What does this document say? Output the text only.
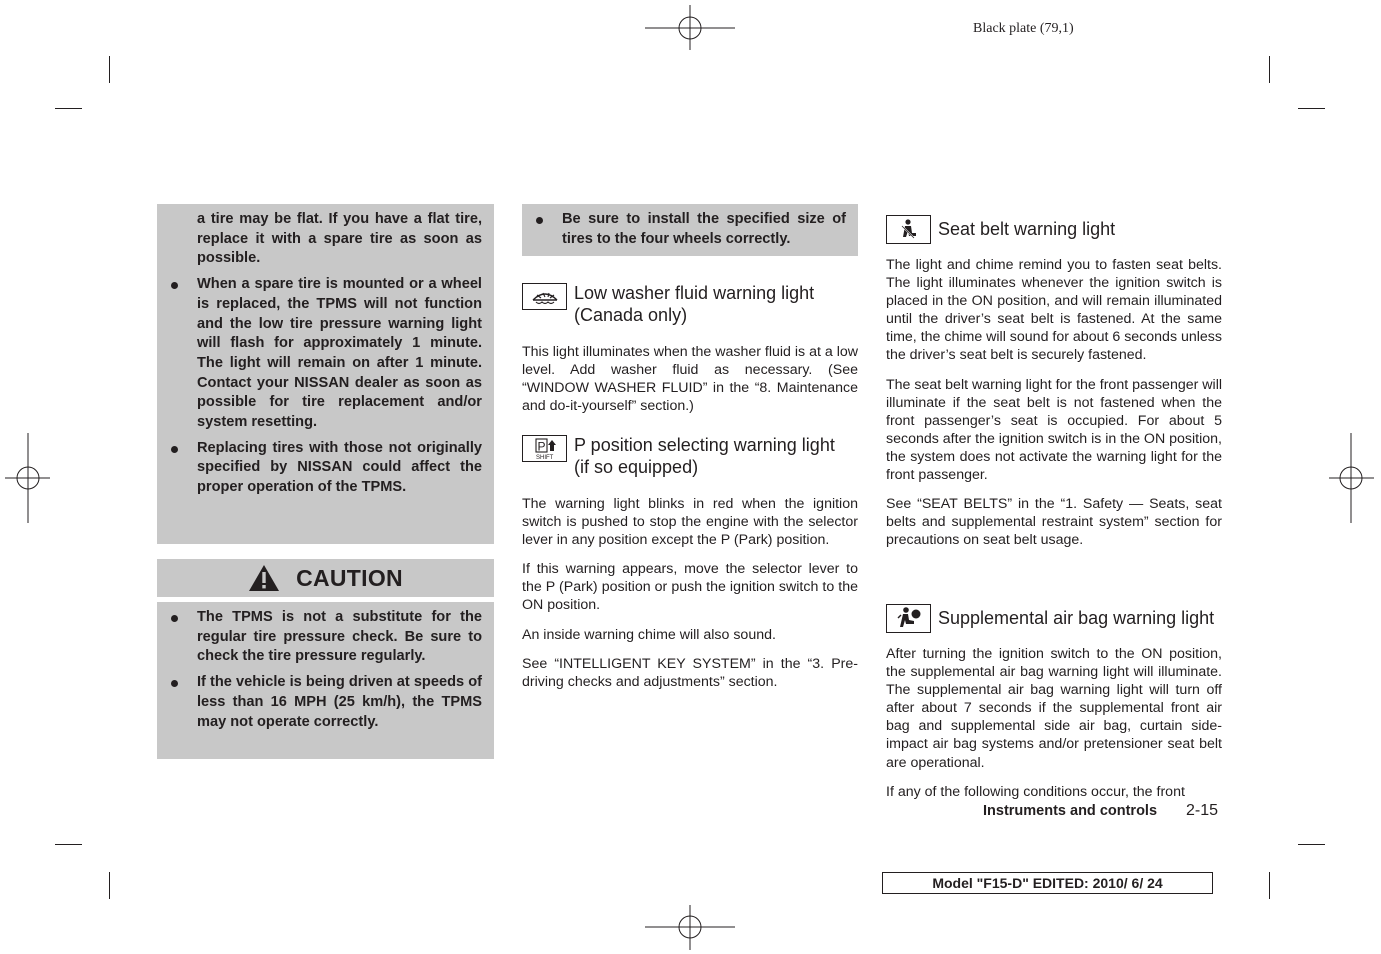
Black plate (79,1)
a tire may be flat. If you have a flat tire, replace it with a spare tire as soon as possible.
When a spare tire is mounted or a wheel is replaced, the TPMS will not function and the low tire pressure warning light will flash for approximately 1 minute. The light will remain on after 1 minute. Contact your NISSAN dealer as soon as possible for tire replacement and/or system resetting.
Replacing tires with those not originally specified by NISSAN could affect the proper operation of the TPMS.
CAUTION
The TPMS is not a substitute for the regular tire pressure check. Be sure to check the tire pressure regularly.
If the vehicle is being driven at speeds of less than 16 MPH (25 km/h), the TPMS may not operate correctly.
Be sure to install the specified size of tires to the four wheels correctly.
Low washer fluid warning light
(Canada only)

This light illuminates when the washer fluid is at a low level. Add washer fluid as necessary. (See “WINDOW WASHER FLUID” in the “8. Maintenance and do-it-yourself” section.)

P
SHIFT
P position selecting warning light
(if so equipped)

The warning light blinks in red when the ignition switch is pushed to stop the engine with the selector lever in any position except the P (Park) position.

If this warning appears, move the selector lever to the P (Park) position or push the ignition switch to the ON position.

An inside warning chime will also sound.

See “INTELLIGENT KEY SYSTEM” in the “3. Pre-driving checks and adjustments” section.

Seat belt warning light

The light and chime remind you to fasten seat belts. The light illuminates whenever the ignition switch is placed in the ON position, and will remain illuminated until the driver’s seat belt is fastened. At the same time, the chime will sound for about 6 seconds unless the driver’s seat belt is securely fastened.

The seat belt warning light for the front passenger will illuminate if the seat belt is not fastened when the front passenger’s seat is occupied. For about 5 seconds after the ignition switch is in the ON position, the system does not activate the warning light for the front passenger.

See “SEAT BELTS” in the “1. Safety — Seats, seat belts and supplemental restraint system” section for precautions on seat belt usage.

Supplemental air bag warning light

After turning the ignition switch to the ON position, the supplemental air bag warning light will illuminate. The supplemental air bag warning light will turn off after about 7 seconds if the supplemental front air bag and supplemental side air bag, curtain side-impact air bag systems and/or pretensioner seat belt are operational.

If any of the following conditions occur, the front

Instruments and controls 2-15
Model "F15-D" EDITED: 2010/ 6/ 24
